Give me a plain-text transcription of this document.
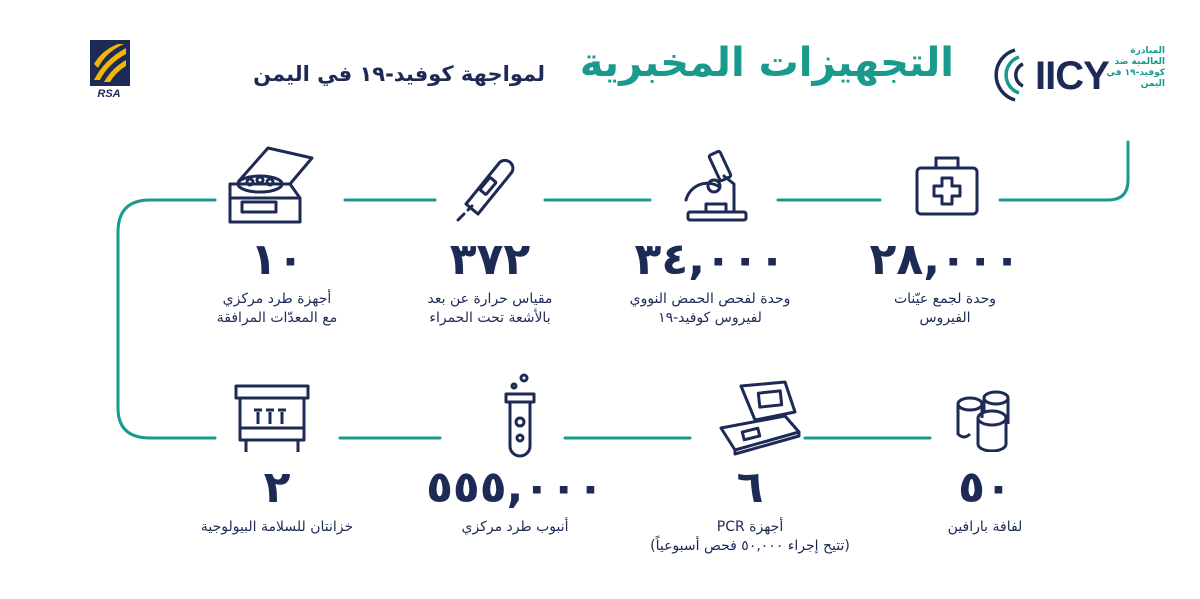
التجهيزات المخبرية
لمواجهة كوفيد-١٩ في اليمن	IICY
المبادرة العالمية ضد كوفيد-١٩ في اليمن
RSA
٢٨,٠٠٠
وحدة لجمع عيّنات
الفيروس
٣٤,٠٠٠
وحدة لفحص الحمض النووي
لفيروس كوفيد-١٩
٣٧٢
مقياس حرارة عن بعد
بالأشعة تحت الحمراء
١٠
أجهزة طرد مركزي
مع المعدّات المرافقة
٥٠
لفافة بارافين
٦
أجهزة PCR
(تتيح إجراء ٥٠,٠٠٠ فحص أسبوعياً)
٥٥٥,٠٠٠
أنبوب طرد مركزي
٢
خزانتان للسلامة البيولوجية
